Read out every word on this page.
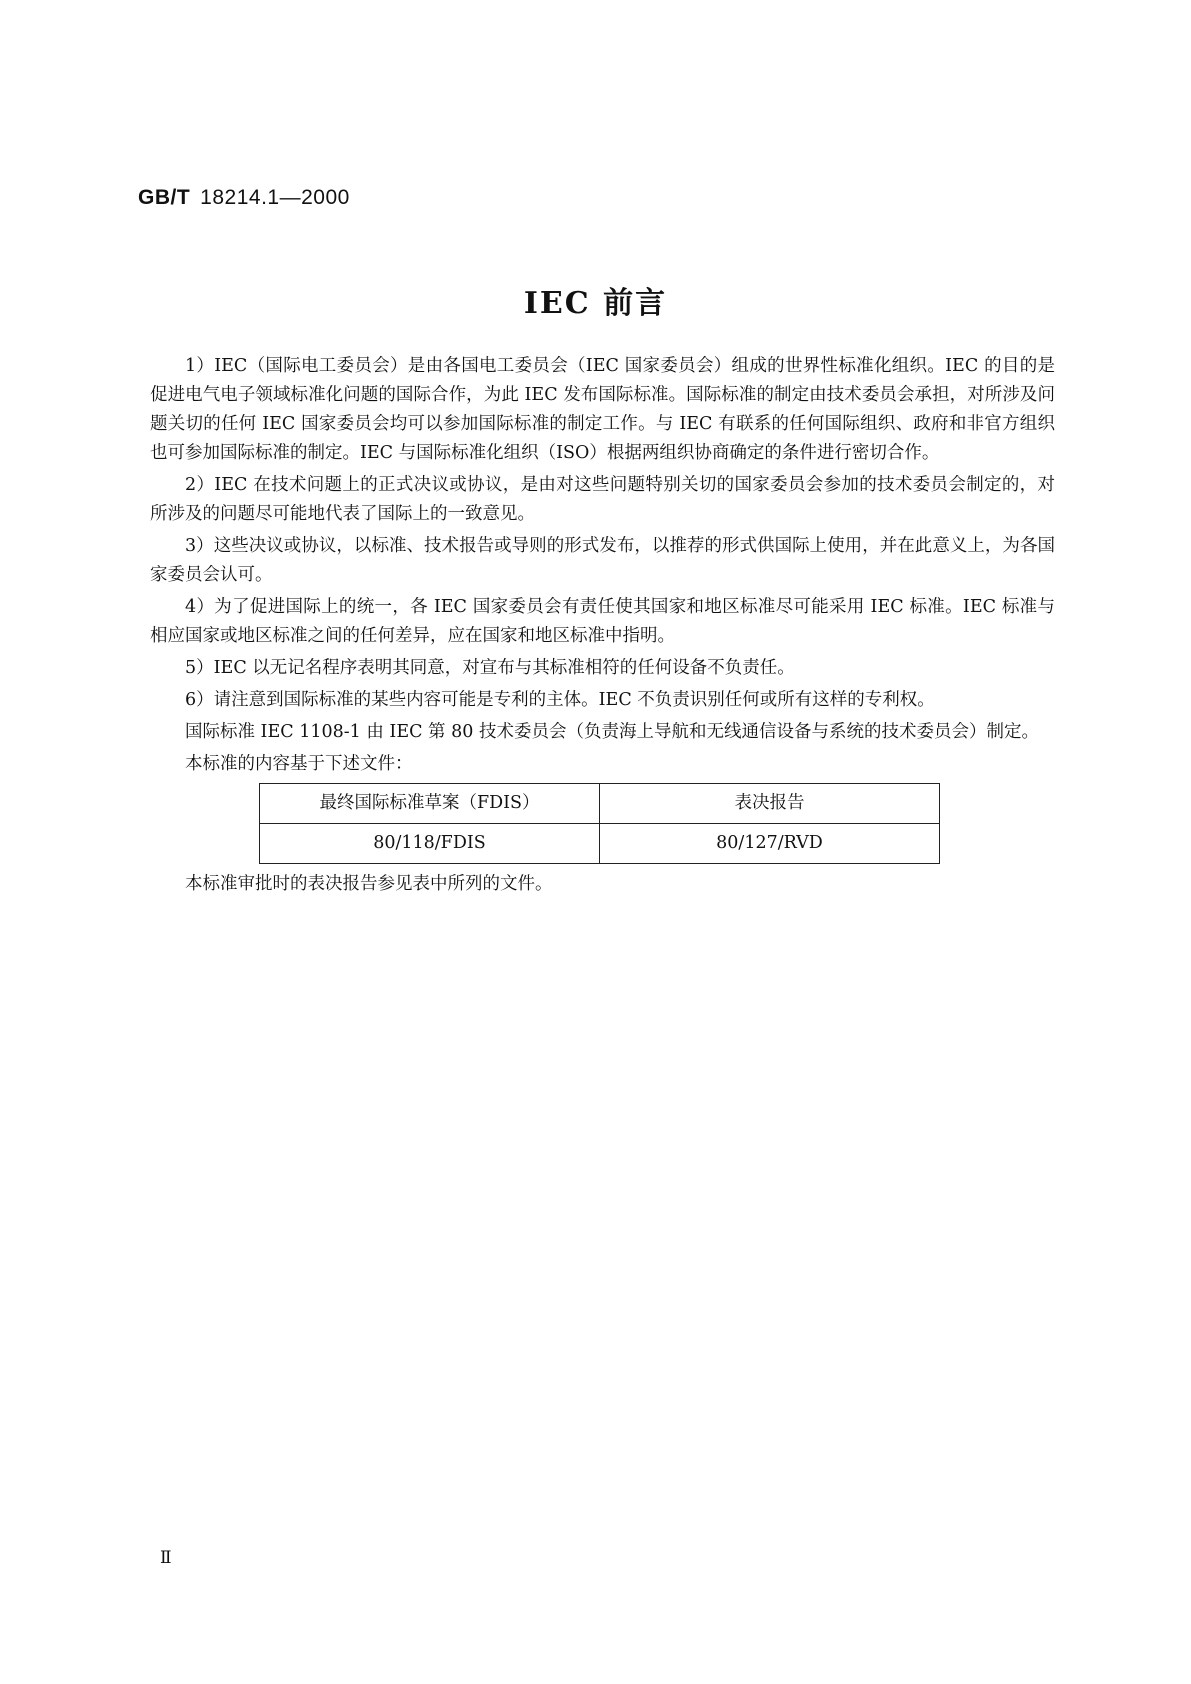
GB/T 18214.1—2000
IEC 前言

1）IEC（国际电工委员会）是由各国电工委员会（IEC 国家委员会）组成的世界性标准化组织。IEC 的目的是促进电气电子领域标准化问题的国际合作，为此 IEC 发布国际标准。国际标准的制定由技术委员会承担，对所涉及问题关切的任何 IEC 国家委员会均可以参加国际标准的制定工作。与 IEC 有联系的任何国际组织、政府和非官方组织也可参加国际标准的制定。IEC 与国际标准化组织（ISO）根据两组织协商确定的条件进行密切合作。

2）IEC 在技术问题上的正式决议或协议，是由对这些问题特别关切的国家委员会参加的技术委员会制定的，对所涉及的问题尽可能地代表了国际上的一致意见。

3）这些决议或协议，以标准、技术报告或导则的形式发布，以推荐的形式供国际上使用，并在此意义上，为各国家委员会认可。

4）为了促进国际上的统一，各 IEC 国家委员会有责任使其国家和地区标准尽可能采用 IEC 标准。IEC 标准与相应国家或地区标准之间的任何差异，应在国家和地区标准中指明。

5）IEC 以无记名程序表明其同意，对宣布与其标准相符的任何设备不负责任。

6）请注意到国际标准的某些内容可能是专利的主体。IEC 不负责识别任何或所有这样的专利权。

国际标准 IEC 1108-1 由 IEC 第 80 技术委员会（负责海上导航和无线通信设备与系统的技术委员会）制定。

本标准的内容基于下述文件：

最终国际标准草案（FDIS）	表决报告
80/118/FDIS	80/127/RVD

本标准审批时的表决报告参见表中所列的文件。

Ⅱ
